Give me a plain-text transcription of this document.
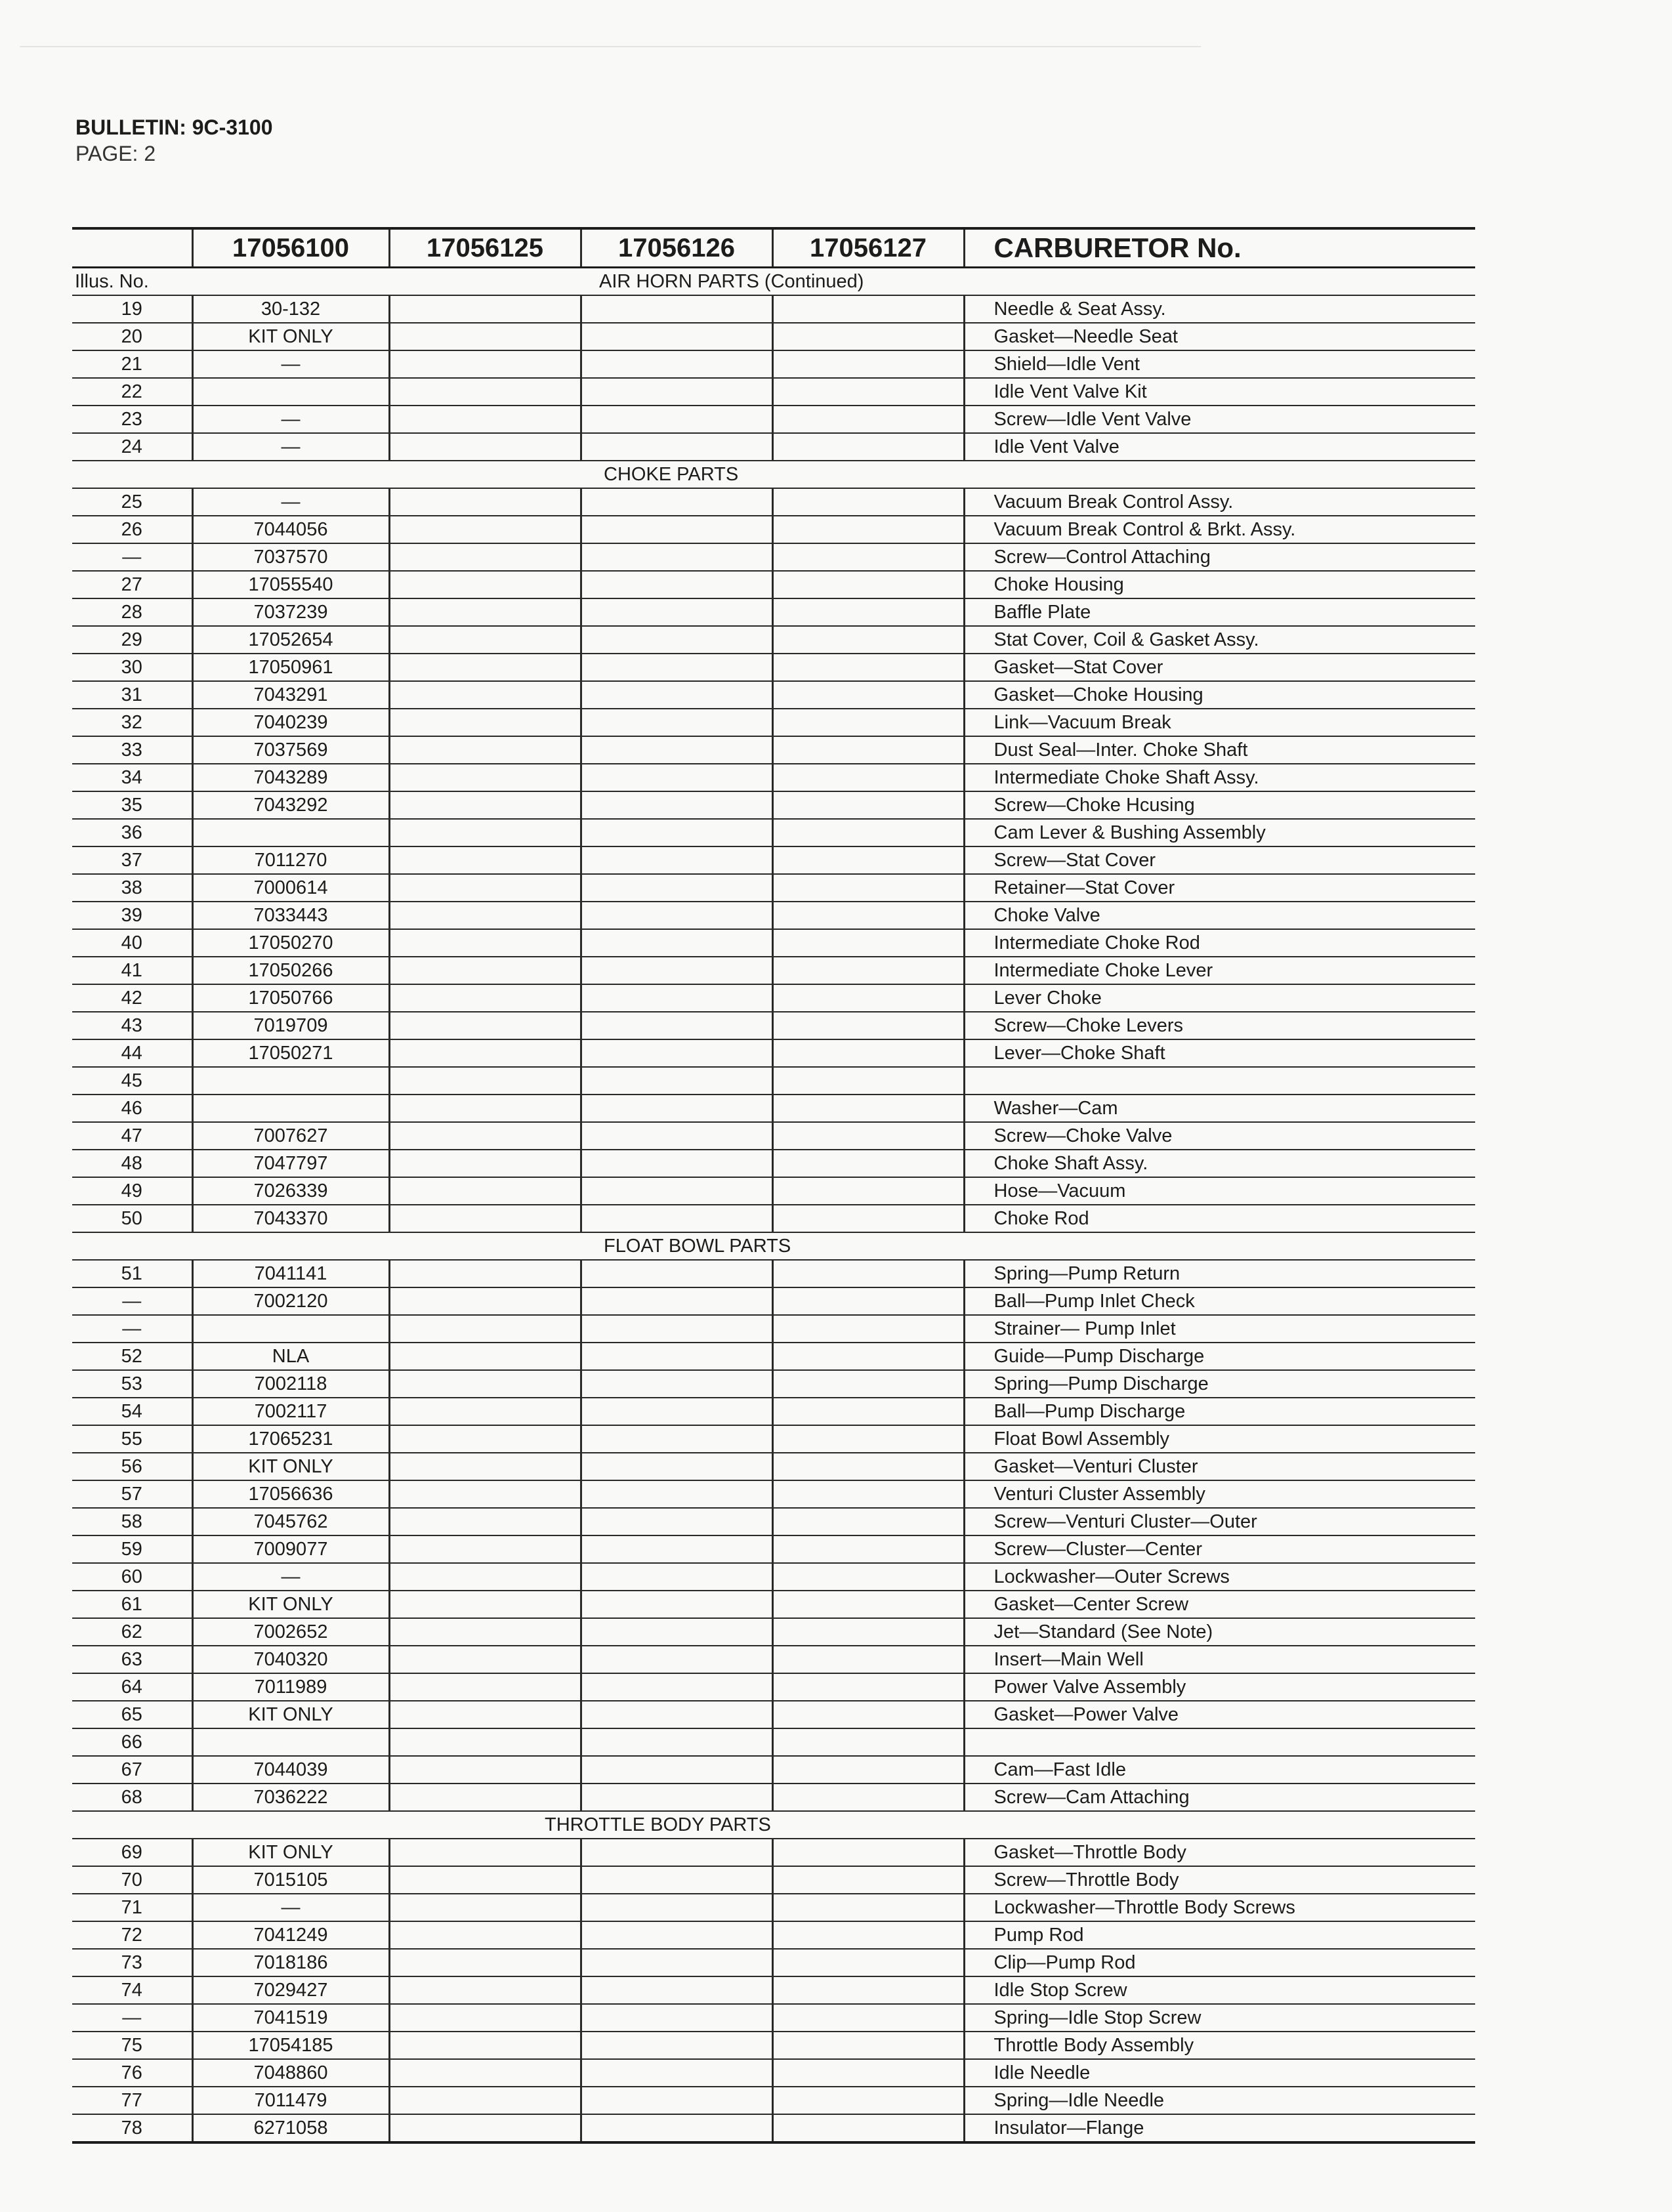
BULLETIN: 9C-3100
PAGE: 2
	17056100	17056125	17056126	17056127	CARBURETOR No.
Illus. No.	AIR HORN PARTS (Continued)				
19	30-132				Needle & Seat Assy.
20	KIT ONLY				Gasket—Needle Seat
21	—				Shield—Idle Vent
22					Idle Vent Valve Kit
23	—				Screw—Idle Vent Valve
24	—				Idle Vent Valve
CHOKE PARTS					
25	—				Vacuum Break Control Assy.
26	7044056				Vacuum Break Control & Brkt. Assy.
—	7037570				Screw—Control Attaching
27	17055540				Choke Housing
28	7037239				Baffle Plate
29	17052654				Stat Cover, Coil & Gasket Assy.
30	17050961				Gasket—Stat Cover
31	7043291				Gasket—Choke Housing
32	7040239				Link—Vacuum Break
33	7037569				Dust Seal—Inter. Choke Shaft
34	7043289				Intermediate Choke Shaft Assy.
35	7043292				Screw—Choke Hcusing
36					Cam Lever & Bushing Assembly
37	7011270				Screw—Stat Cover
38	7000614				Retainer—Stat Cover
39	7033443				Choke Valve
40	17050270				Intermediate Choke Rod
41	17050266				Intermediate Choke Lever
42	17050766				Lever Choke
43	7019709				Screw—Choke Levers
44	17050271				Lever—Choke Shaft
45					
46					Washer—Cam
47	7007627				Screw—Choke Valve
48	7047797				Choke Shaft Assy.
49	7026339				Hose—Vacuum
50	7043370				Choke Rod
FLOAT BOWL PARTS					
51	7041141				Spring—Pump Return
—	7002120				Ball—Pump Inlet Check
—					Strainer— Pump Inlet
52	NLA				Guide—Pump Discharge
53	7002118				Spring—Pump Discharge
54	7002117				Ball—Pump Discharge
55	17065231				Float Bowl Assembly
56	KIT ONLY				Gasket—Venturi Cluster
57	17056636				Venturi Cluster Assembly
58	7045762				Screw—Venturi Cluster—Outer
59	7009077				Screw—Cluster—Center
60	—				Lockwasher—Outer Screws
61	KIT ONLY				Gasket—Center Screw
62	7002652				Jet—Standard (See Note)
63	7040320				Insert—Main Well
64	7011989				Power Valve Assembly
65	KIT ONLY				Gasket—Power Valve
66					
67	7044039				Cam—Fast Idle
68	7036222				Screw—Cam Attaching
THROTTLE BODY PARTS					
69	KIT ONLY				Gasket—Throttle Body
70	7015105				Screw—Throttle Body
71	—				Lockwasher—Throttle Body Screws
72	7041249				Pump Rod
73	7018186				Clip—Pump Rod
74	7029427				Idle Stop Screw
—	7041519				Spring—Idle Stop Screw
75	17054185				Throttle Body Assembly
76	7048860				Idle Needle
77	7011479				Spring—Idle Needle
78	6271058				Insulator—Flange
